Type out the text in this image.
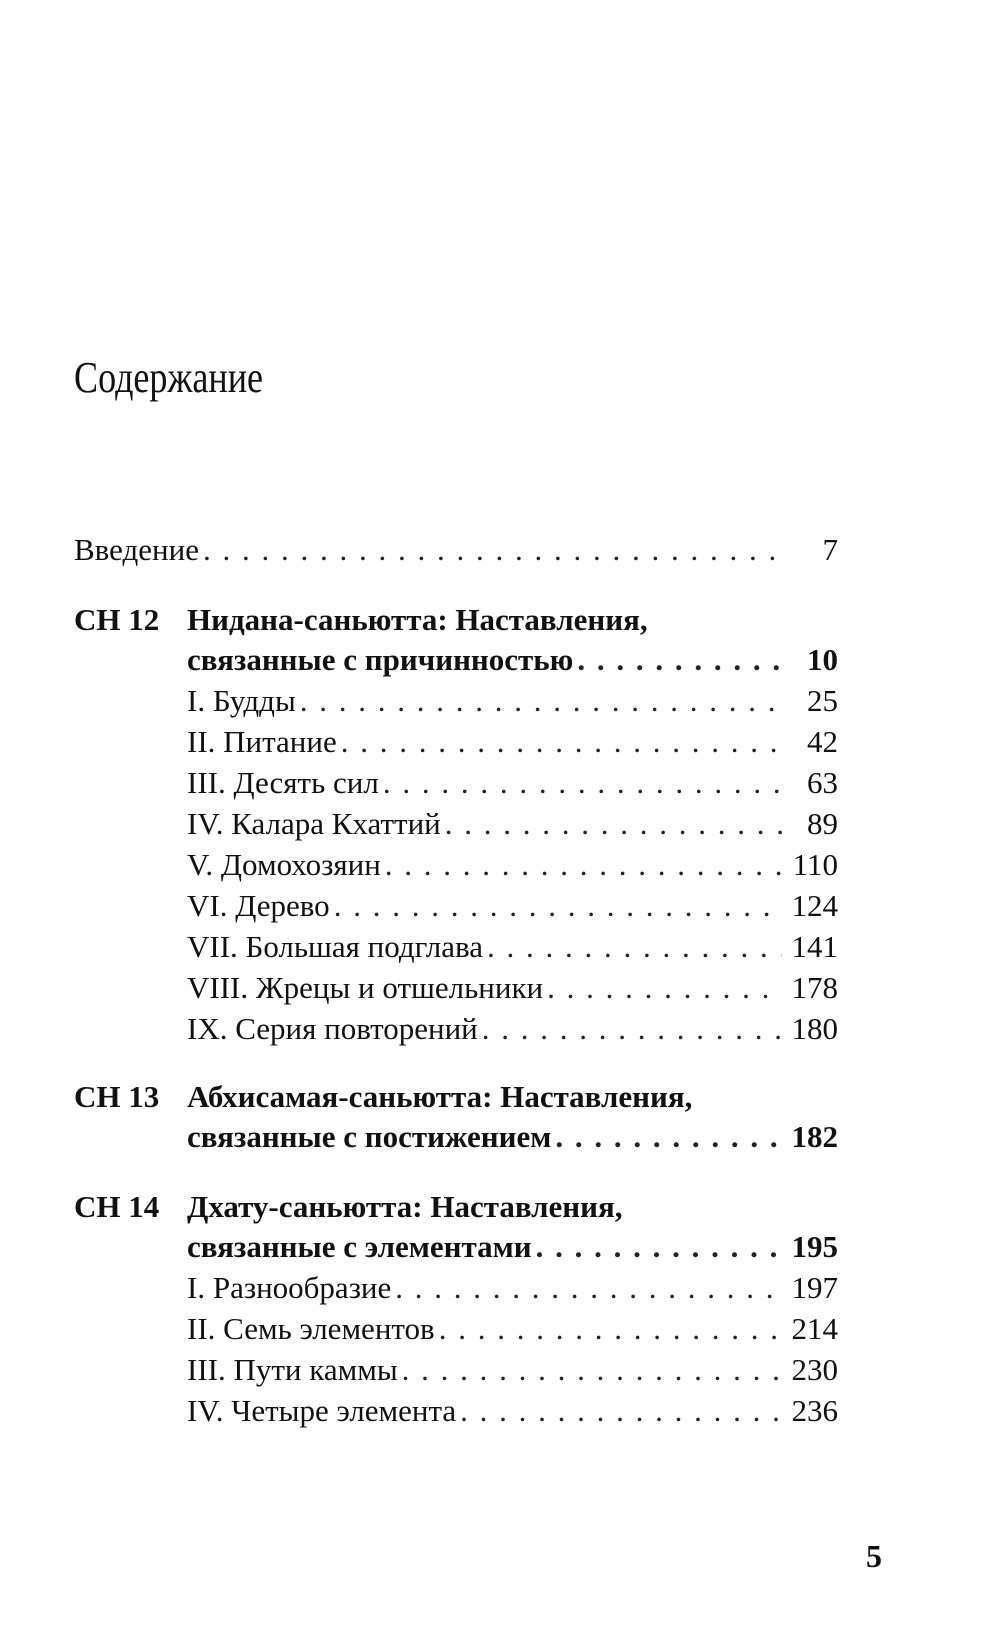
Содержание
Введение . . .	7
СН 12 Нидана-саньютта: Наставления,
связанные с причинностью . . .	10
I. Будды . . .	25
II. Питание . . .	42
III. Десять сил . . .	63
IV. Калара Кхаттий . . .	89
V. Домохозяин . . .	110
VI. Дерево . . .	124
VII. Большая подглава . . .	141
VIII. Жрецы и отшельники . . .	178
IX. Серия повторений . . .	180
СН 13 Абхисамая-саньютта: Наставления,
связанные с постижением . . .	182
СН 14 Дхату-саньютта: Наставления,
связанные с элементами . . .	195
I. Разнообразие . . .	197
II. Семь элементов . . .	214
III. Пути каммы . . .	230
IV. Четыре элемента . . .	236
5
